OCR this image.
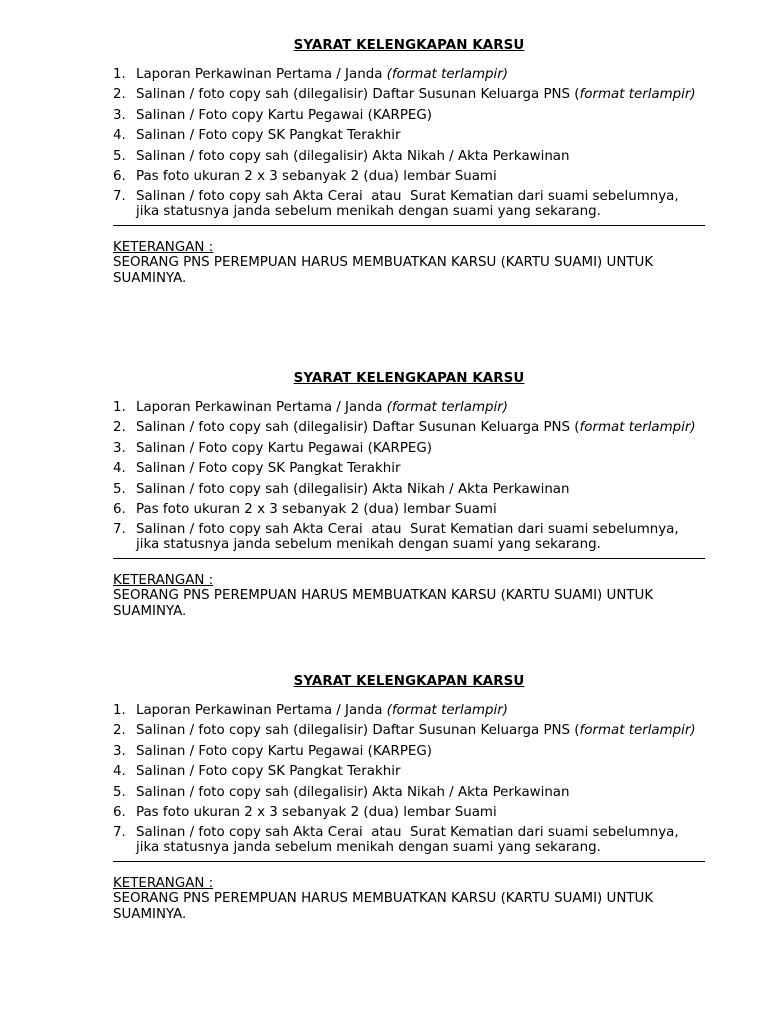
SYARAT KELENGKAPAN KARSU

1. Laporan Perkawinan Pertama / Janda (format terlampir)
2. Salinan / foto copy sah (dilegalisir) Daftar Susunan Keluarga PNS (format terlampir)
3. Salinan / Foto copy Kartu Pegawai (KARPEG)
4. Salinan / Foto copy SK Pangkat Terakhir
5. Salinan / foto copy sah (dilegalisir) Akta Nikah / Akta Perkawinan
6. Pas foto ukuran 2 x 3 sebanyak 2 (dua) lembar Suami
7. Salinan / foto copy sah Akta Cerai  atau  Surat Kematian dari suami sebelumnya, jika statusnya janda sebelum menikah dengan suami yang sekarang.

KETERANGAN :

SEORANG PNS PEREMPUAN HARUS MEMBUATKAN KARSU (KARTU SUAMI) UNTUK SUAMINYA.

SYARAT KELENGKAPAN KARSU

1. Laporan Perkawinan Pertama / Janda (format terlampir)
2. Salinan / foto copy sah (dilegalisir) Daftar Susunan Keluarga PNS (format terlampir)
3. Salinan / Foto copy Kartu Pegawai (KARPEG)
4. Salinan / Foto copy SK Pangkat Terakhir
5. Salinan / foto copy sah (dilegalisir) Akta Nikah / Akta Perkawinan
6. Pas foto ukuran 2 x 3 sebanyak 2 (dua) lembar Suami
7. Salinan / foto copy sah Akta Cerai  atau  Surat Kematian dari suami sebelumnya, jika statusnya janda sebelum menikah dengan suami yang sekarang.

KETERANGAN :

SEORANG PNS PEREMPUAN HARUS MEMBUATKAN KARSU (KARTU SUAMI) UNTUK SUAMINYA.

SYARAT KELENGKAPAN KARSU

1. Laporan Perkawinan Pertama / Janda (format terlampir)
2. Salinan / foto copy sah (dilegalisir) Daftar Susunan Keluarga PNS (format terlampir)
3. Salinan / Foto copy Kartu Pegawai (KARPEG)
4. Salinan / Foto copy SK Pangkat Terakhir
5. Salinan / foto copy sah (dilegalisir) Akta Nikah / Akta Perkawinan
6. Pas foto ukuran 2 x 3 sebanyak 2 (dua) lembar Suami
7. Salinan / foto copy sah Akta Cerai  atau  Surat Kematian dari suami sebelumnya, jika statusnya janda sebelum menikah dengan suami yang sekarang.

KETERANGAN :

SEORANG PNS PEREMPUAN HARUS MEMBUATKAN KARSU (KARTU SUAMI) UNTUK SUAMINYA.
